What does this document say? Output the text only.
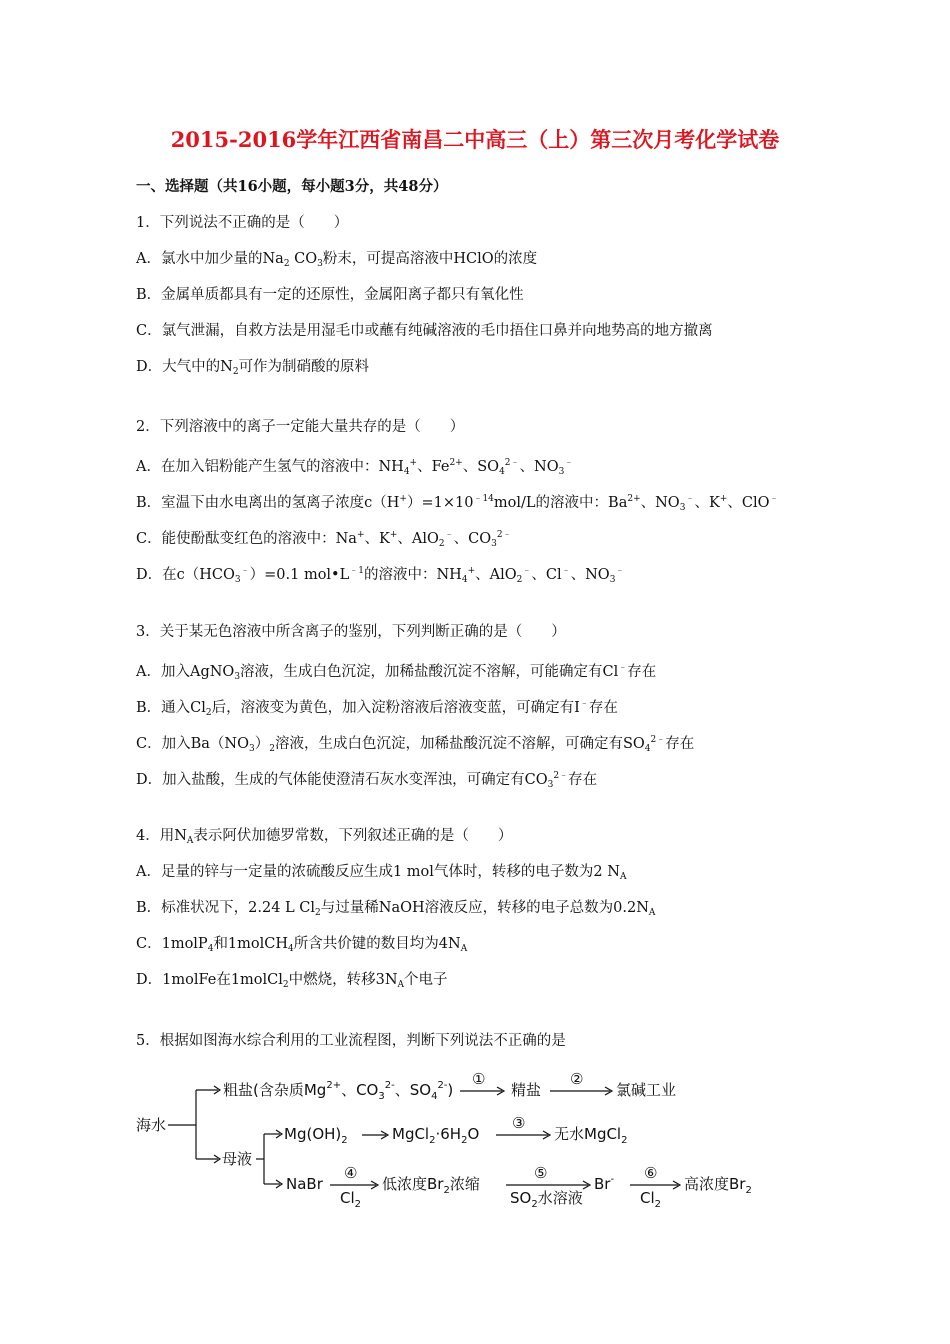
2015-2016学年江西省南昌二中高三（上）第三次月考化学试卷
一、选择题（共16小题，每小题3分，共48分）
1．下列说法不正确的是（　　）
A．氯水中加少量的$Na_2$ $CO_3$粉末，可提高溶液中HClO的浓度
B．金属单质都具有一定的还原性，金属阳离子都只有氧化性
C．氯气泄漏，自救方法是用湿毛巾或蘸有纯碱溶液的毛巾捂住口鼻并向地势高的地方撤离
D．大气中的$N_2$可作为制硝酸的原料
2．下列溶液中的离子一定能大量共存的是（　　）
A．在加入铝粉能产生氢气的溶液中：$NH_4^+$、$Fe^{2+}$、$SO_4^{2﹣}$、$NO_3^﹣$
B．室温下由水电离出的氢离子浓度$c(H^+)=1\times 10^{﹣14}mol/L$的溶液中：$Ba^{2+}$、$NO_3^﹣$、K+、ClO﹣
C．能使酚酞变红色的溶液中：Na+、K+、AlO$_2$﹣、$CO_3^{2﹣}$
D．在$c(HCO_3^﹣)=0.1$ $mol•L^{﹣1}$的溶液中：$NH_4^+$、AlO$_2$﹣、Cl﹣、$NO_3^﹣$
3．关于某无色溶液中所含离子的鉴别，下列判断正确的是（　　）
A．加入AgNO$_3$溶液，生成白色沉淀，加稀盐酸沉淀不溶解，可能确定有Cl﹣存在
B．通入$Cl_2$后，溶液变为黄色，加入淀粉溶液后溶液变蓝，可确定有I﹣存在
C．加入$Ba(NO_3)_2$溶液，生成白色沉淀，加稀盐酸沉淀不溶解，可确定有$SO_4^{2﹣}$存在
D．加入盐酸，生成的气体能使澄清石灰水变浑浊，可确定有$CO_3^{2﹣}$存在
4．用$N_A$表示阿伏加德罗常数，下列叙述正确的是（　　）
A．足量的锌与一定量的浓硫酸反应生成1 mol气体时，转移的电子数为2 $N_A$
B．标准状况下，2.24 L $Cl_2$与过量稀NaOH溶液反应，转移的电子总数为$0.2N_A$
C．1molP$_4$和1molCH$_4$所含共价键的数目均为$4N_A$
D．1molFe在1molCl$_2$中燃烧，转移$3N_A$个电子
5．根据如图海水综合利用的工业流程图，判断下列说法不正确的是
海水
粗盐(含杂质$Mg^{2+}$、$CO_3^{2-}$、$SO_4^{2-}$)
①
精盐
②
氯碱工业
母液
$Mg(OH)_2$	$MgCl_2\cdot 6H_2O$
③
无水MgCl$_2$
NaBr
④
$Cl_2$
低浓度$Br_2$浓缩
⑤
$SO_2$水溶液
Br- ⑥
$Cl_2$
高浓度$Br_2$
